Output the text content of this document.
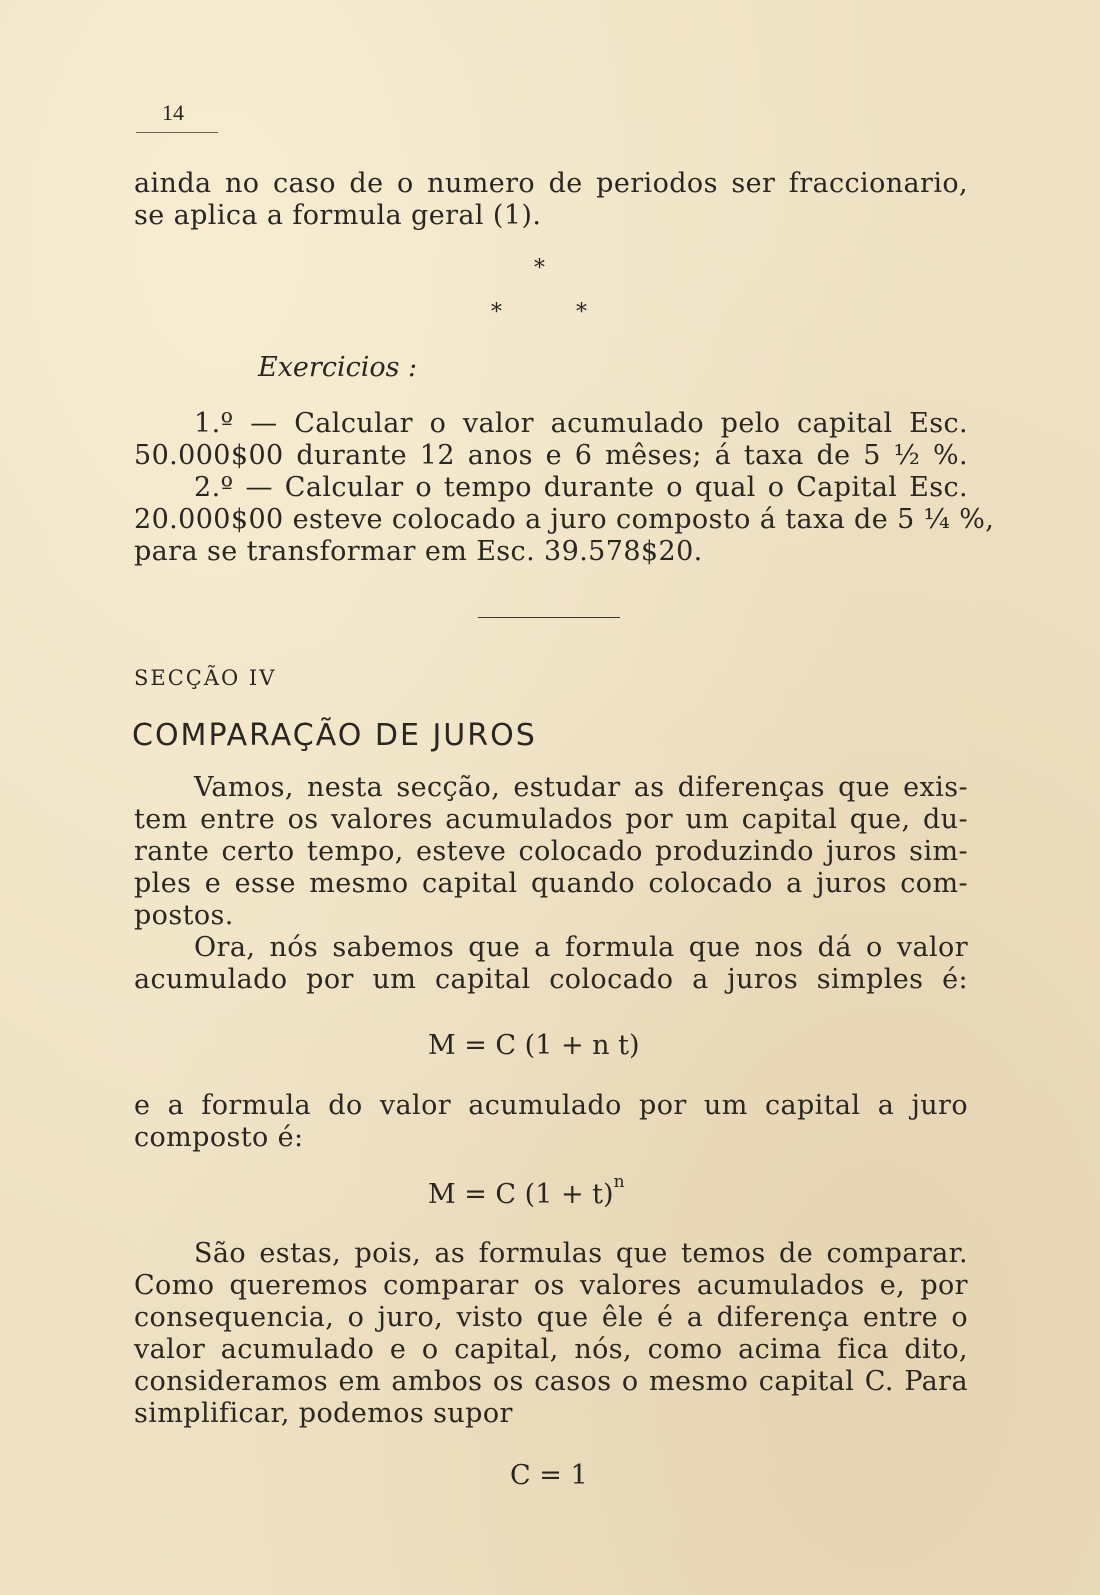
14
ainda no caso de o numero de periodos ser fraccionario,
se aplica a formula geral (1).
*
*	*
Exercicios :
1.º — Calcular o valor acumulado pelo capital Esc.
50.000$00 durante 12 anos e 6 mêses; á taxa de 5 ½ %.
2.º — Calcular o tempo durante o qual o Capital Esc.
20.000$00 esteve colocado a juro composto á taxa de 5 ¼ %,
para se transformar em Esc. 39.578$20.
SECÇÃO IV
COMPARAÇÃO DE JUROS
Vamos, nesta secção, estudar as diferenças que exis-
tem entre os valores acumulados por um capital que, du-
rante certo tempo, esteve colocado produzindo juros sim-
ples e esse mesmo capital quando colocado a juros com-
postos.
Ora, nós sabemos que a formula que nos dá o valor
acumulado por um capital colocado a juros simples é:
M = C (1 + n t)
e a formula do valor acumulado por um capital a juro
composto é:
M = C $(1 + t)^n$
São estas, pois, as formulas que temos de comparar.
Como queremos comparar os valores acumulados e, por
consequencia, o juro, visto que êle é a diferença entre o
valor acumulado e o capital, nós, como acima fica dito,
consideramos em ambos os casos o mesmo capital C. Para
simplificar, podemos supor
C = 1
